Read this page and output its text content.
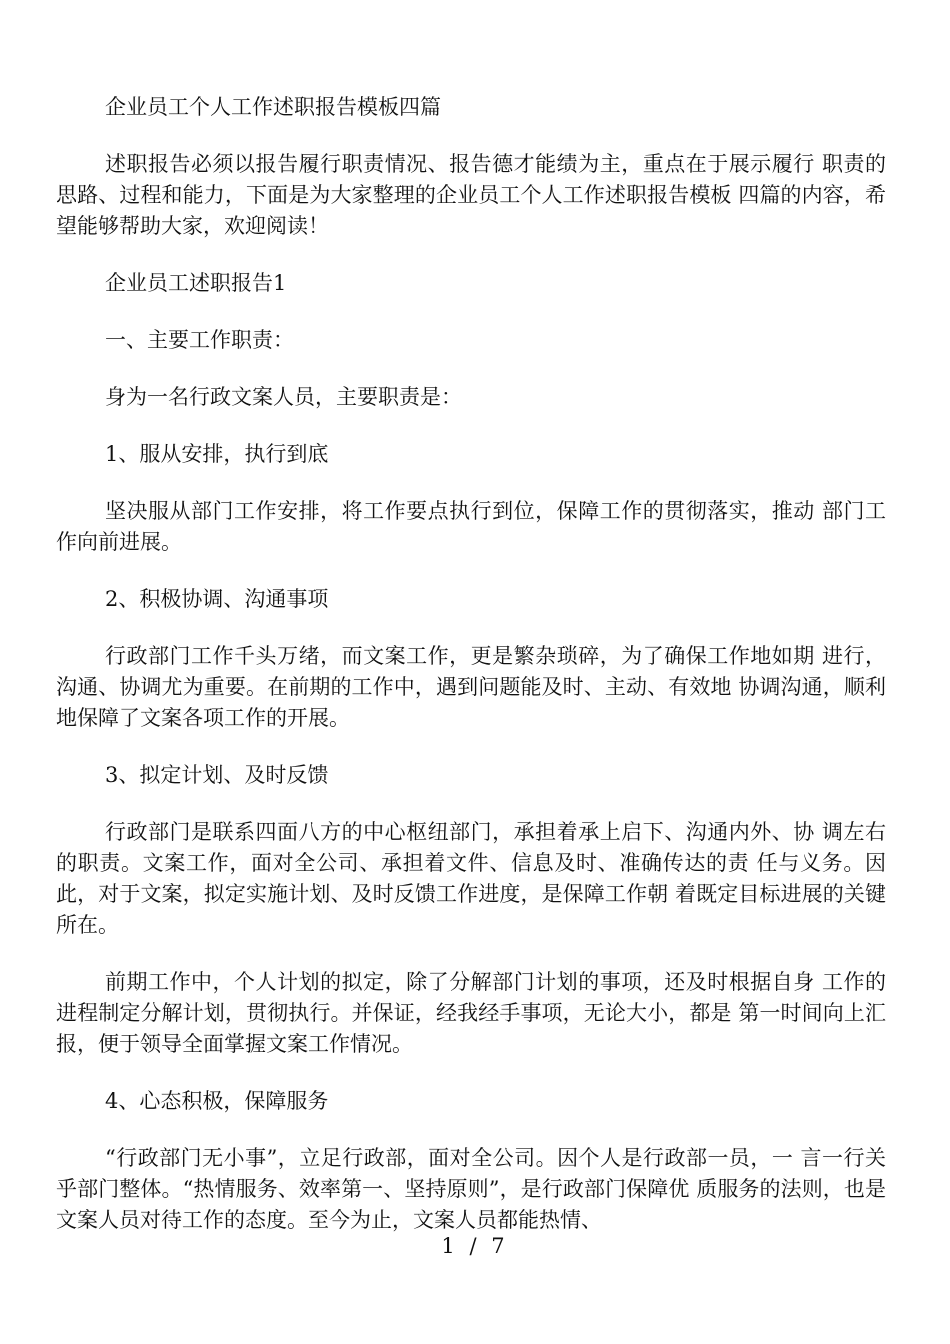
企业员工个人工作述职报告模板四篇

述职报告必须以报告履行职责情况、报告德才能绩为主，重点在于展示履行 职责的思路、过程和能力，下面是为大家整理的企业员工个人工作述职报告模板 四篇的内容，希望能够帮助大家，欢迎阅读！

企业员工述职报告1

一、主要工作职责：

身为一名行政文案人员，主要职责是：

1、服从安排，执行到底

坚决服从部门工作安排，将工作要点执行到位，保障工作的贯彻落实，推动 部门工作向前进展。

2、积极协调、沟通事项

行政部门工作千头万绪，而文案工作，更是繁杂琐碎，为了确保工作地如期 进行，沟通、协调尤为重要。在前期的工作中，遇到问题能及时、主动、有效地 协调沟通，顺利地保障了文案各项工作的开展。

3、拟定计划、及时反馈

行政部门是联系四面八方的中心枢纽部门，承担着承上启下、沟通内外、协 调左右的职责。文案工作，面对全公司、承担着文件、信息及时、准确传达的责 任与义务。因此，对于文案，拟定实施计划、及时反馈工作进度，是保障工作朝 着既定目标进展的关键所在。

前期工作中，个人计划的拟定，除了分解部门计划的事项，还及时根据自身 工作的进程制定分解计划，贯彻执行。并保证，经我经手事项，无论大小，都是 第一时间向上汇报，便于领导全面掌握文案工作情况。

4、心态积极，保障服务

“行政部门无小事”，立足行政部，面对全公司。因个人是行政部一员，一 言一行关乎部门整体。“热情服务、效率第一、坚持原则”，是行政部门保障优 质服务的法则，也是文案人员对待工作的态度。至今为止，文案人员都能热情、

1 / 7
